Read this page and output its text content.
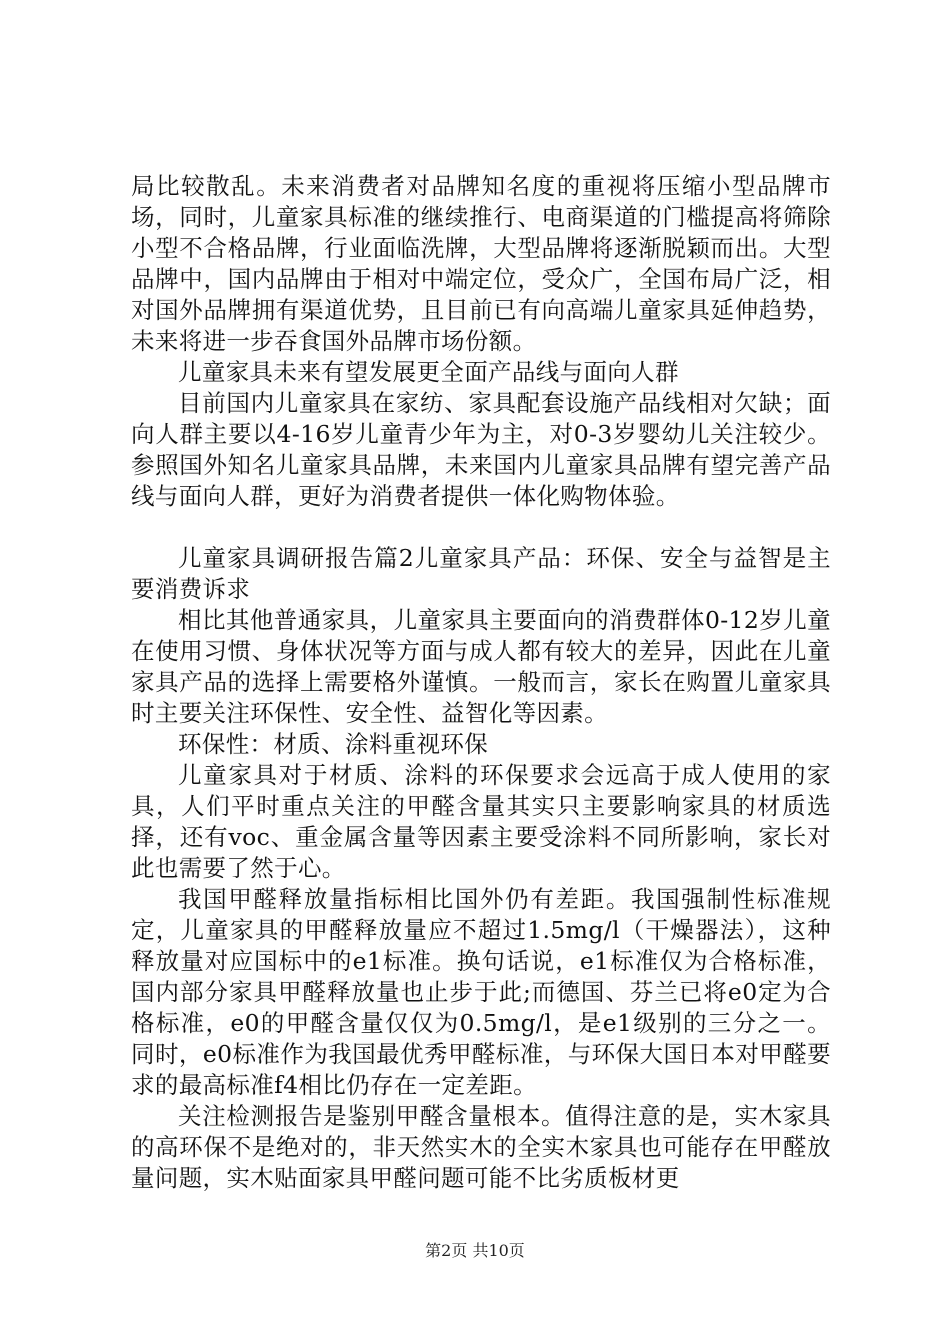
局比较散乱。未来消费者对品牌知名度的重视将压缩小型品牌市场，同时，儿童家具标准的继续推行、电商渠道的门槛提高将筛除小型不合格品牌，行业面临洗牌，大型品牌将逐渐脱颖而出。大型品牌中，国内品牌由于相对中端定位，受众广，全国布局广泛，相对国外品牌拥有渠道优势，且目前已有向高端儿童家具延伸趋势，未来将进一步吞食国外品牌市场份额。

儿童家具未来有望发展更全面产品线与面向人群

目前国内儿童家具在家纺、家具配套设施产品线相对欠缺；面向人群主要以4-16岁儿童青少年为主，对0-3岁婴幼儿关注较少。参照国外知名儿童家具品牌，未来国内儿童家具品牌有望完善产品线与面向人群，更好为消费者提供一体化购物体验。

儿童家具调研报告篇2儿童家具产品：环保、安全与益智是主要消费诉求

相比其他普通家具，儿童家具主要面向的消费群体0-12岁儿童在使用习惯、身体状况等方面与成人都有较大的差异，因此在儿童家具产品的选择上需要格外谨慎。一般而言，家长在购置儿童家具时主要关注环保性、安全性、益智化等因素。

环保性：材质、涂料重视环保

儿童家具对于材质、涂料的环保要求会远高于成人使用的家具，人们平时重点关注的甲醛含量其实只主要影响家具的材质选择，还有voc、重金属含量等因素主要受涂料不同所影响，家长对此也需要了然于心。

我国甲醛释放量指标相比国外仍有差距。我国强制性标准规定，儿童家具的甲醛释放量应不超过1.5mg/l（干燥器法），这种释放量对应国标中的e1标准。换句话说，e1标准仅为合格标准，国内部分家具甲醛释放量也止步于此;而德国、芬兰已将e0定为合格标准，e0的甲醛含量仅仅为0.5mg/l，是e1级别的三分之一。同时，e0标准作为我国最优秀甲醛标准，与环保大国日本对甲醛要求的最高标准f4相比仍存在一定差距。

关注检测报告是鉴别甲醛含量根本。值得注意的是，实木家具的高环保不是绝对的，非天然实木的全实木家具也可能存在甲醛放量问题，实木贴面家具甲醛问题可能不比劣质板材更

第2页 共10页
